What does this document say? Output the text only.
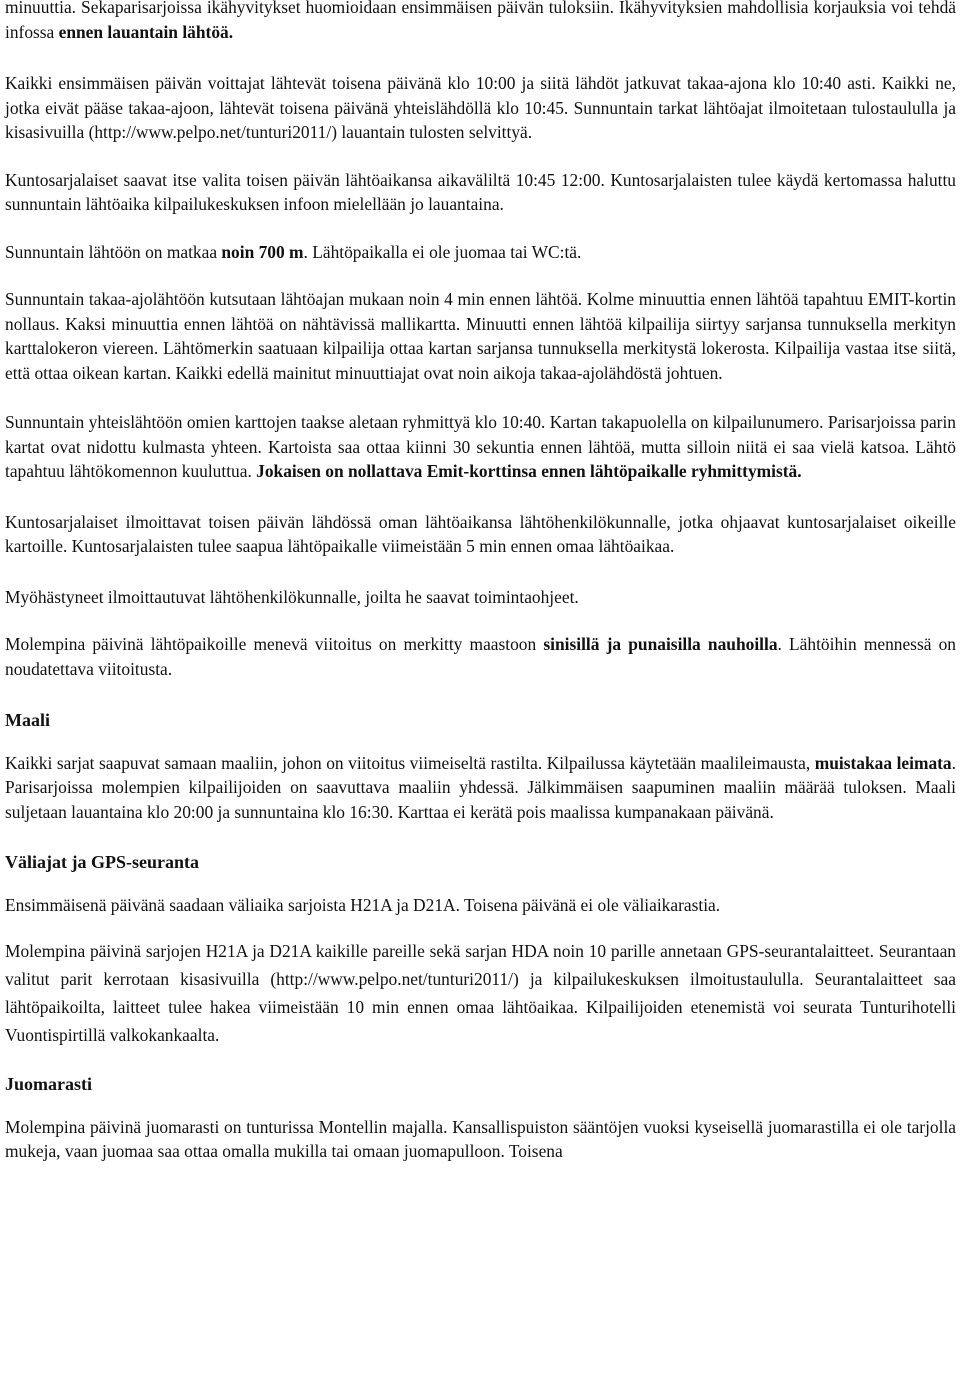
minuuttia. Sekaparisarjoissa ikähyvitykset huomioidaan ensimmäisen päivän tuloksiin. Ikähyvityksien mahdollisia korjauksia voi tehdä infossa ennen lauantain lähtöä.

Kaikki ensimmäisen päivän voittajat lähtevät toisena päivänä klo 10:00 ja siitä lähdöt jatkuvat takaa-ajona klo 10:40 asti. Kaikki ne, jotka eivät pääse takaa-ajoon, lähtevät toisena päivänä yhteislähdöllä klo 10:45. Sunnuntain tarkat lähtöajat ilmoitetaan tulostaululla ja kisasivuilla (http://www.pelpo.net/tunturi2011/) lauantain tulosten selvittyä.

Kuntosarjalaiset saavat itse valita toisen päivän lähtöaikansa aikaväliltä 10:45 12:00. Kuntosarjalaisten tulee käydä kertomassa haluttu sunnuntain lähtöaika kilpailukeskuksen infoon mielellään jo lauantaina.

Sunnuntain lähtöön on matkaa noin 700 m. Lähtöpaikalla ei ole juomaa tai WC:tä.

Sunnuntain takaa-ajolähtöön kutsutaan lähtöajan mukaan noin 4 min ennen lähtöä. Kolme minuuttia ennen lähtöä tapahtuu EMIT-kortin nollaus. Kaksi minuuttia ennen lähtöä on nähtävissä mallikartta. Minuutti ennen lähtöä kilpailija siirtyy sarjansa tunnuksella merkityn karttalokeron viereen. Lähtömerkin saatuaan kilpailija ottaa kartan sarjansa tunnuksella merkitystä lokerosta. Kilpailija vastaa itse siitä, että ottaa oikean kartan. Kaikki edellä mainitut minuuttiajat ovat noin aikoja takaa-ajolähdöstä johtuen.

Sunnuntain yhteislähtöön omien karttojen taakse aletaan ryhmittyä klo 10:40. Kartan takapuolella on kilpailunumero. Parisarjoissa parin kartat ovat nidottu kulmasta yhteen. Kartoista saa ottaa kiinni 30 sekuntia ennen lähtöä, mutta silloin niitä ei saa vielä katsoa. Lähtö tapahtuu lähtökomennon kuuluttua. Jokaisen on nollattava Emit-korttinsa ennen lähtöpaikalle ryhmittymistä.

Kuntosarjalaiset ilmoittavat toisen päivän lähdössä oman lähtöaikansa lähtöhenkilökunnalle, jotka ohjaavat kuntosarjalaiset oikeille kartoille. Kuntosarjalaisten tulee saapua lähtöpaikalle viimeistään 5 min ennen omaa lähtöaikaa.

Myöhästyneet ilmoittautuvat lähtöhenkilökunnalle, joilta he saavat toimintaohjeet.

Molempina päivinä lähtöpaikoille menevä viitoitus on merkitty maastoon sinisillä ja punaisilla nauhoilla. Lähtöihin mennessä on noudatettava viitoitusta.

Maali

Kaikki sarjat saapuvat samaan maaliin, johon on viitoitus viimeiseltä rastilta. Kilpailussa käytetään maalileimausta, muistakaa leimata. Parisarjoissa molempien kilpailijoiden on saavuttava maaliin yhdessä. Jälkimmäisen saapuminen maaliin määrää tuloksen. Maali suljetaan lauantaina klo 20:00 ja sunnuntaina klo 16:30. Karttaa ei kerätä pois maalissa kumpanakaan päivänä.

Väliajat ja GPS-seuranta

Ensimmäisenä päivänä saadaan väliaika sarjoista H21A ja D21A. Toisena päivänä ei ole väliaikarastia.

Molempina päivinä sarjojen H21A ja D21A kaikille pareille sekä sarjan HDA noin 10 parille annetaan GPS-seurantalaitteet. Seurantaan valitut parit kerrotaan kisasivuilla (http://www.pelpo.net/tunturi2011/) ja kilpailukeskuksen ilmoitustaululla. Seurantalaitteet saa lähtöpaikoilta, laitteet tulee hakea viimeistään 10 min ennen omaa lähtöaikaa. Kilpailijoiden etenemistä voi seurata Tunturihotelli Vuontispirtillä valkokankaalta.

Juomarasti

Molempina päivinä juomarasti on tunturissa Montellin majalla. Kansallispuiston sääntöjen vuoksi kyseisellä juomarastilla ei ole tarjolla mukeja, vaan juomaa saa ottaa omalla mukilla tai omaan juomapulloon. Toisena
